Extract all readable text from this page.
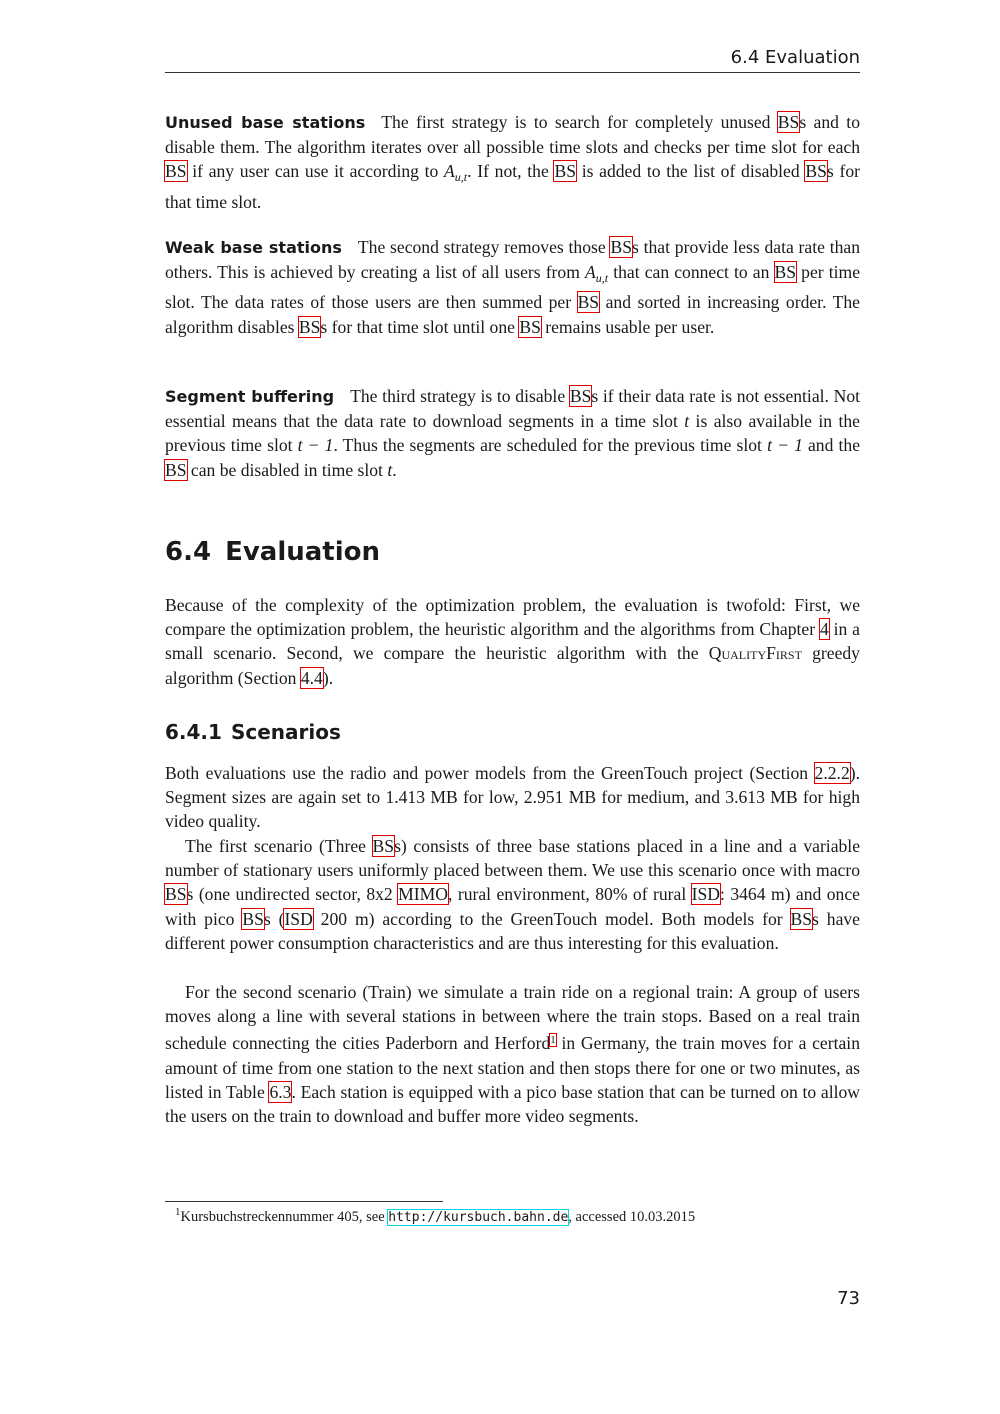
6.4 Evaluation

Unused base stations The first strategy is to search for completely unused BSs and to disable them. The algorithm iterates over all possible time slots and checks per time slot for each BS if any user can use it according to $A_{u,t}$. If not, the BS is added to the list of disabled BSs for that time slot.

Weak base stations The second strategy removes those BSs that provide less data rate than others. This is achieved by creating a list of all users from $A_{u,t}$ that can connect to an BS per time slot. The data rates of those users are then summed per BS and sorted in increasing order. The algorithm disables BSs for that time slot until one BS remains usable per user.

Segment buffering The third strategy is to disable BSs if their data rate is not essential. Not essential means that the data rate to download segments in a time slot t is also available in the previous time slot t − 1. Thus the segments are scheduled for the previous time slot t − 1 and the BS can be disabled in time slot t.

6.4 Evaluation

Because of the complexity of the optimization problem, the evaluation is twofold: First, we compare the optimization problem, the heuristic algorithm and the algorithms from Chapter 4 in a small scenario. Second, we compare the heuristic algorithm with the QualityFirst greedy algorithm (Section 4.4).

6.4.1 Scenarios

Both evaluations use the radio and power models from the GreenTouch project (Section 2.2.2). Segment sizes are again set to 1.413 MB for low, 2.951 MB for medium, and 3.613 MB for high video quality.

The first scenario (Three BSs) consists of three base stations placed in a line and a variable number of stationary users uniformly placed between them. We use this scenario once with macro BSs (one undirected sector, 8x2 MIMO, rural environment, 80% of rural ISD: 3464 m) and once with pico BSs (ISD 200 m) according to the GreenTouch model. Both models for BSs have different power consumption characteristics and are thus interesting for this evaluation.

For the second scenario (Train) we simulate a train ride on a regional train: A group of users moves along a line with several stations in between where the train stops. Based on a real train schedule connecting the cities Paderborn and Herford$^1$ in Germany, the train moves for a certain amount of time from one station to the next station and then stops there for one or two minutes, as listed in Table 6.3. Each station is equipped with a pico base station that can be turned on to allow the users on the train to download and buffer more video segments.

$^1$Kursbuchstreckennummer 405, see http://kursbuch.bahn.de, accessed 10.03.2015
73
